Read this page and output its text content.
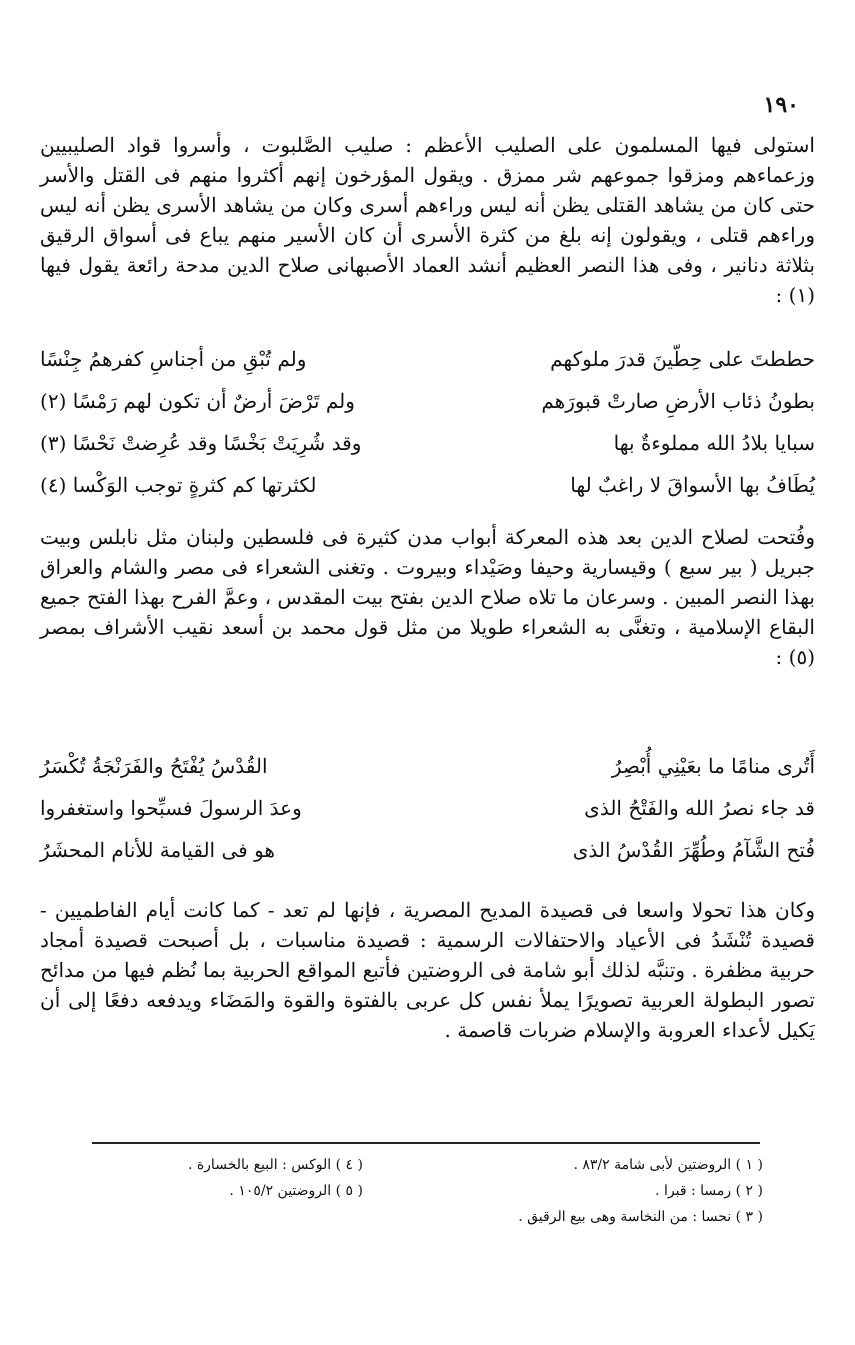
١٩٠

استولى فيها المسلمون على الصليب الأعظم : صليب الصَّلبوت ، وأسروا قواد الصليبيين وزعماءهم ومزقوا جموعهم شر ممزق . ويقول المؤرخون إنهم أكثروا منهم فى القتل والأسر حتى كان من يشاهد القتلى يظن أنه ليس وراءهم أسرى وكان من يشاهد الأسرى يظن أنه ليس وراءهم قتلى ، ويقولون إنه بلغ من كثرة الأسرى أن كان الأسير منهم يباع فى أسواق الرقيق بثلاثة دنانير ، وفى هذا النصر العظيم أنشد العماد الأصبهانى صلاح الدين مدحة رائعة يقول فيها (١) :

حططتَ على حِطّينَ قدرَ ملوكهم
ولم تُبْقِ من أجناسِ كفرهمُ جِنْسًا
بطونُ ذئاب الأرضِ صارتْ قبورَهم
ولم تَرْضَ أرضٌ أن تكون لهم رَمْسًا (٢)
سبايا بلادُ الله مملوءةٌ بها
وقد شُرِيَتْ بَخْسًا وقد عُرِضتْ نَحْسًا (٣)
يُطَافُ بها الأسواقَ لا راغبٌ لها
لكثرتها كم كثرةٍ توجب الوَكْسا (٤)

وفُتحت لصلاح الدين بعد هذه المعركة أبواب مدن كثيرة فى فلسطين ولبنان مثل نابلس وبيت جبريل ( بير سبع ) وقيسارية وحيفا وصَيْداء وبيروت . وتغنى الشعراء فى مصر والشام والعراق بهذا النصر المبين . وسرعان ما تلاه صلاح الدين بفتح بيت المقدس ، وعمَّ الفرح بهذا الفتح جميع البقاع الإسلامية ، وتغنَّى به الشعراء طويلا من مثل قول محمد بن أسعد نقيب الأشراف بمصر (٥) :

أَتُرى منامًا ما بعَيْنِي أُبْصِرُ
القُدْسُ يُفْتَحُ والفَرَنْجَةُ تُكْسَرُ
قد جاء نصرُ الله والفَتْحُ الذى
وعدَ الرسولَ فسبِّحوا واستغفروا
فُتح الشَّآمُ وطُهِّرَ القُدْسُ الذى
هو فى القيامة للأنام المحشَرُ

وكان هذا تحولا واسعا فى قصيدة المديح المصرية ، فإنها لم تعد - كما كانت أيام الفاطميين - قصيدة تُنْشَدُ فى الأعياد والاحتفالات الرسمية : قصيدة مناسبات ، بل أصبحت قصيدة أمجاد حربية مظفرة . وتنبَّه لذلك أبو شامة فى الروضتين فأتبع المواقع الحربية بما نُظم فيها من مدائح تصور البطولة العربية تصويرًا يملأ نفس كل عربى بالفتوة والقوة والمَضَاء ويدفعه دفعًا إلى أن يَكيل لأعداء العروبة والإسلام ضربات قاصمة .

( ١ ) الروضتين لأبى شامة ٨٣/٢ .
( ٢ ) رمسا : قبرا .
( ٣ ) نحسا : من النخاسة وهى بيع الرقيق .
( ٤ ) الوكس : البيع بالخسارة .
( ٥ ) الروضتين ١٠٥/٢ .
